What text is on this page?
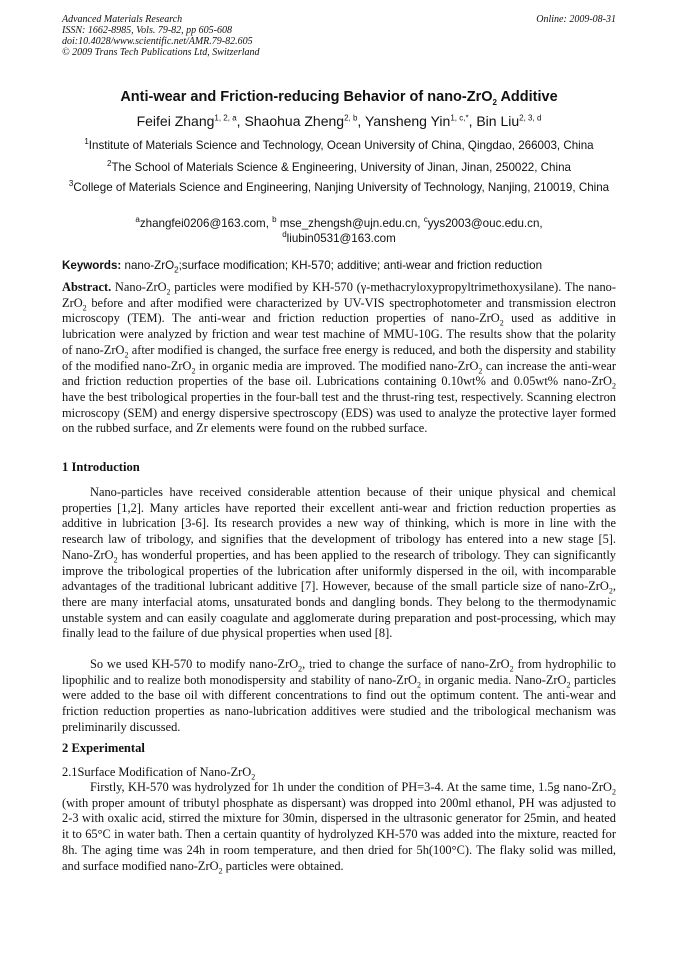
Advanced Materials Research
ISSN: 1662-8985, Vols. 79-82, pp 605-608
doi:10.4028/www.scientific.net/AMR.79-82.605
© 2009 Trans Tech Publications Ltd, Switzerland
Online: 2009-08-31
Anti-wear and Friction-reducing Behavior of nano-ZrO$_2$ Additive
Feifei Zhang$^{1, 2, a}$, Shaohua Zheng$^{2, b}$, Yansheng Yin$^{1, c,*}$, Bin Liu$^{2, 3, d}$
$^1$Institute of Materials Science and Technology, Ocean University of China, Qingdao, 266003, China
$^2$The School of Materials Science & Engineering, University of Jinan, Jinan, 250022, China
$^3$College of Materials Science and Engineering, Nanjing University of Technology, Nanjing, 210019, China
$^a$zhangfei0206@163.com, $^b$ mse_zhengsh@ujn.edu.cn, $^c$yys2003@ouc.edu.cn,
$^d$liubin0531@163.com
Keywords: nano-ZrO$_2$;surface modification; KH-570; additive; anti-wear and friction reduction
Abstract. Nano-ZrO$_2$ particles were modified by KH-570 (γ-methacryloxypropyltrimethoxysilane). The nano-ZrO$_2$ before and after modified were characterized by UV-VIS spectrophotometer and transmission electron microscopy (TEM). The anti-wear and friction reduction properties of nano-ZrO$_2$ used as additive in lubrication were analyzed by friction and wear test machine of MMU-10G. The results show that the polarity of nano-ZrO$_2$ after modified is changed, the surface free energy is reduced, and both the dispersity and stability of the modified nano-ZrO$_2$ in organic media are improved. The modified nano-ZrO$_2$ can increase the anti-wear and friction reduction properties of the base oil. Lubrications containing 0.10wt% and 0.05wt% nano-ZrO$_2$ have the best tribological properties in the four-ball test and the thrust-ring test, respectively. Scanning electron microscopy (SEM) and energy dispersive spectroscopy (EDS) was used to analyze the protective layer formed on the rubbed surface, and Zr elements were found on the rubbed surface.
1 Introduction
Nano-particles have received considerable attention because of their unique physical and chemical properties [1,2]. Many articles have reported their excellent anti-wear and friction reduction properties as additive in lubrication [3-6]. Its research provides a new way of thinking, which is more in line with the research law of tribology, and signifies that the development of tribology has entered into a new stage [5]. Nano-ZrO$_2$ has wonderful properties, and has been applied to the research of tribology. They can significantly improve the tribological properties of the lubrication after uniformly dispersed in the oil, with incomparable advantages of the traditional lubricant additive [7]. However, because of the small particle size of nano-ZrO$_2$, there are many interfacial atoms, unsaturated bonds and dangling bonds. They belong to the thermodynamic unstable system and can easily coagulate and agglomerate during preparation and post-processing, which may finally lead to the failure of due physical properties when used [8].
So we used KH-570 to modify nano-ZrO$_2$, tried to change the surface of nano-ZrO$_2$ from hydrophilic to lipophilic and to realize both monodispersity and stability of nano-ZrO$_2$ in organic media. Nano-ZrO$_2$ particles were added to the base oil with different concentrations to find out the optimum content. The anti-wear and friction reduction properties as nano-lubrication additives were studied and the tribological mechanism was preliminarily discussed.
2 Experimental
2.1Surface Modification of Nano-ZrO$_2$
Firstly, KH-570 was hydrolyzed for 1h under the condition of PH=3-4. At the same time, 1.5g nano-ZrO$_2$ (with proper amount of tributyl phosphate as dispersant) was dropped into 200ml ethanol, PH was adjusted to 2-3 with oxalic acid, stirred the mixture for 30min, dispersed in the ultrasonic generator for 25min, and heated it to 65°C in water bath. Then a certain quantity of hydrolyzed KH-570 was added into the mixture, reacted for 8h. The aging time was 24h in room temperature, and then dried for 5h(100°C). The flaky solid was milled, and surface modified nano-ZrO$_2$ particles were obtained.
